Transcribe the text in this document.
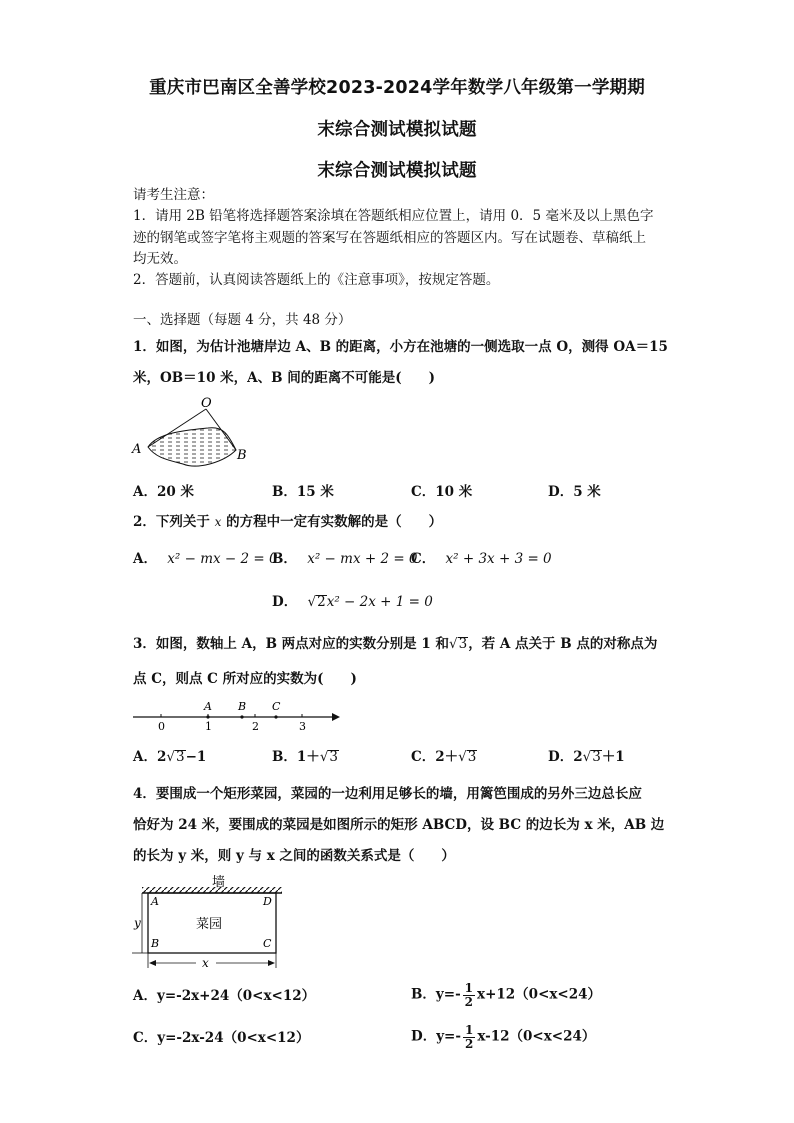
重庆市巴南区全善学校2023-2024学年数学八年级第一学期期
末综合测试模拟试题
末综合测试模拟试题
请考生注意：
1．请用 2B 铅笔将选择题答案涂填在答题纸相应位置上，请用 0．5 毫米及以上黑色字
迹的钢笔或签字笔将主观题的答案写在答题纸相应的答题区内。写在试题卷、草稿纸上
均无效。
2．答题前，认真阅读答题纸上的《注意事项》，按规定答题。
一、选择题（每题 4 分，共 48 分）
1．如图，为估计池塘岸边 A、B 的距离，小方在池塘的一侧选取一点 O，测得 OA＝15
米，OB＝10 米，A、B 间的距离不可能是(　　)
O
A	B
A．20 米	B．15 米	C．10 米	D．5 米
2．下列关于 x 的方程中一定有实数解的是（　　）
A． x² − mx − 2 = 0
B． x² − mx + 2 = 0
C． x² + 3x + 3 = 0
D． √2x² − 2x + 1 = 0
3．如图，数轴上 A，B 两点对应的实数分别是 1 和√3，若 A 点关于 B 点的对称点为
点 C，则点 C 所对应的实数为(　　)
0	1	2	3
A B C
A．2√3−1	B．1＋√3	C．2＋√3	D．2√3＋1
4．要围成一个矩形菜园，菜园的一边利用足够长的墙，用篱笆围成的另外三边总长应
恰好为 24 米，要围成的菜园是如图所示的矩形 ABCD，设 BC 的边长为 x 米，AB 边
的长为 y 米，则 y 与 x 之间的函数关系式是（　　）
墙
菜园
A	D
B	C
x
y
A．y=-2x+24（0<x<12）	B．$y=- \frac{1}{2} x+12(0<x<24)$
C．y=-2x-24（0<x<12）	D．$y=- \frac{1}{2} x-12(0<x<24)$
